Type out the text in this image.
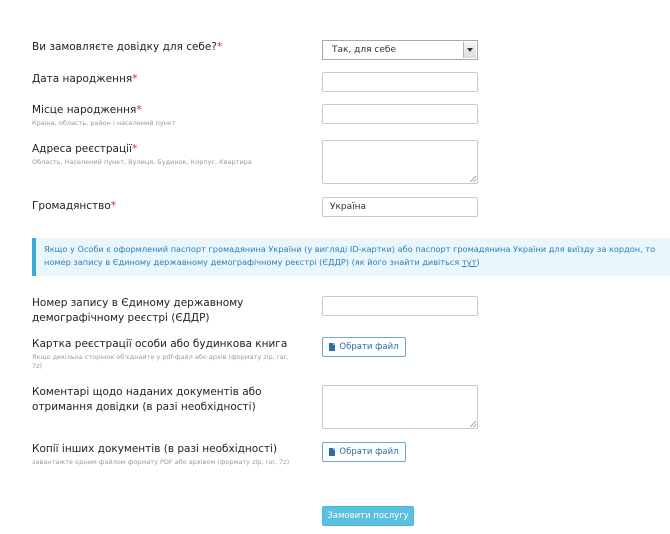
Ви замовляєте довідку для себе?*	Так, для себе
Дата народження*
Місце народження*
Країна, область, район і населений пункт
Адреса реєстрації*
Область, Населений пункт, Вулиця, Будинок, Корпус, Квартира
Громадянство*
Україна
Якщо у Особи є оформлений паспорт громадянина України (у вигляді ID-картки) або паспорт громадянина України для виїзду за кордон, то
номер запису в Єдиному державному демографічному реєстрі (ЄДДР) (як його знайти дивіться тут)
Номер запису в Єдиному державному демографічному реєстрі (ЄДДР)
Картка реєстрації особи або будинкова книга
Якщо декілька сторінок об'єднайте у pdf-файл або архів (формату zip, rar, 7z)
Обрати файл
Коментарі щодо наданих документів або отримання довідки (в разі необхідності)
Копії інших документів (в разі необхідності)
завантажте одним файлом формату PDF або архівом (формату zip, rar, 7z)
Обрати файл
Замовити послугу
